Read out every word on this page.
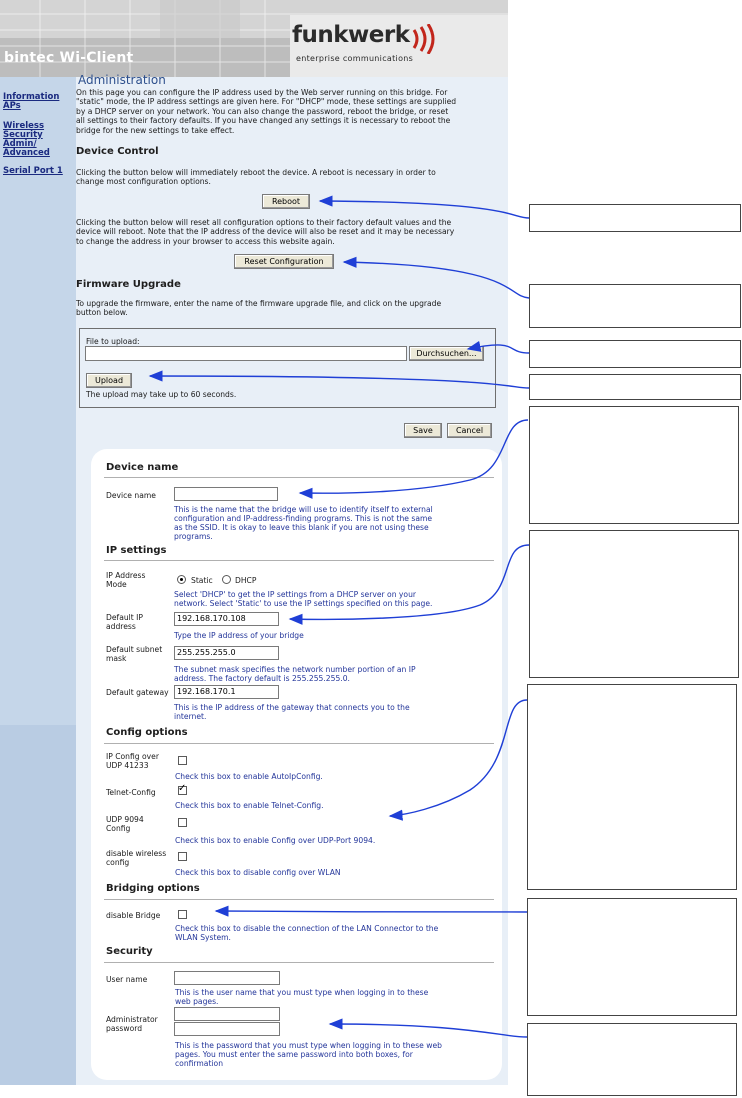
bintec Wi-Client
funkwerk
enterprise communications
Information
APs
Wireless
Security
Admin/
Advanced
Serial Port 1
Administration
On this page you can configure the IP address used by the Web server running on this bridge. For
"static" mode, the IP address settings are given here. For "DHCP" mode, these settings are supplied
by a DHCP server on your network. You can also change the password, reboot the bridge, or reset
all settings to their factory defaults. If you have changed any settings it is necessary to reboot the
bridge for the new settings to take effect.
Device Control
Clicking the button below will immediately reboot the device. A reboot is necessary in order to
change most configuration options.
Reboot
Clicking the button below will reset all configuration options to their factory default values and the
device will reboot. Note that the IP address of the device will also be reset and it may be necessary
to change the address in your browser to access this website again.
Reset Configuration
Firmware Upgrade
To upgrade the firmware, enter the name of the firmware upgrade file, and click on the upgrade
button below.
File to upload:
Durchsuchen...
Upload
The upload may take up to 60 seconds.
Save	Cancel
Device name
Device name
This is the name that the bridge will use to identify itself to external
configuration and IP-address-finding programs. This is not the same
as the SSID. It is okay to leave this blank if you are not using these
programs.
IP settings
IP Address
Mode	Static	DHCP
Select 'DHCP' to get the IP settings from a DHCP server on your
network. Select 'Static' to use the IP settings specified on this page.
Default IP
address
192.168.170.108
Type the IP address of your bridge
Default subnet
mask
255.255.255.0
The subnet mask specifies the network number portion of an IP
address. The factory default is 255.255.255.0.
Default gateway	192.168.170.1
This is the IP address of the gateway that connects you to the
internet.
Config options
IP Config over
UDP 41233
Check this box to enable AutoIpConfig.
Telnet-Config
✓
Check this box to enable Telnet-Config.
UDP 9094
Config
Check this box to enable Config over UDP-Port 9094.
disable wireless
config
Check this box to disable config over WLAN
Bridging options
disable Bridge
Check this box to disable the connection of the LAN Connector to the
WLAN System.
Security
User name
This is the user name that you must type when logging in to these
web pages.
Administrator
password
This is the password that you must type when logging in to these web
pages. You must enter the same password into both boxes, for
confirmation
